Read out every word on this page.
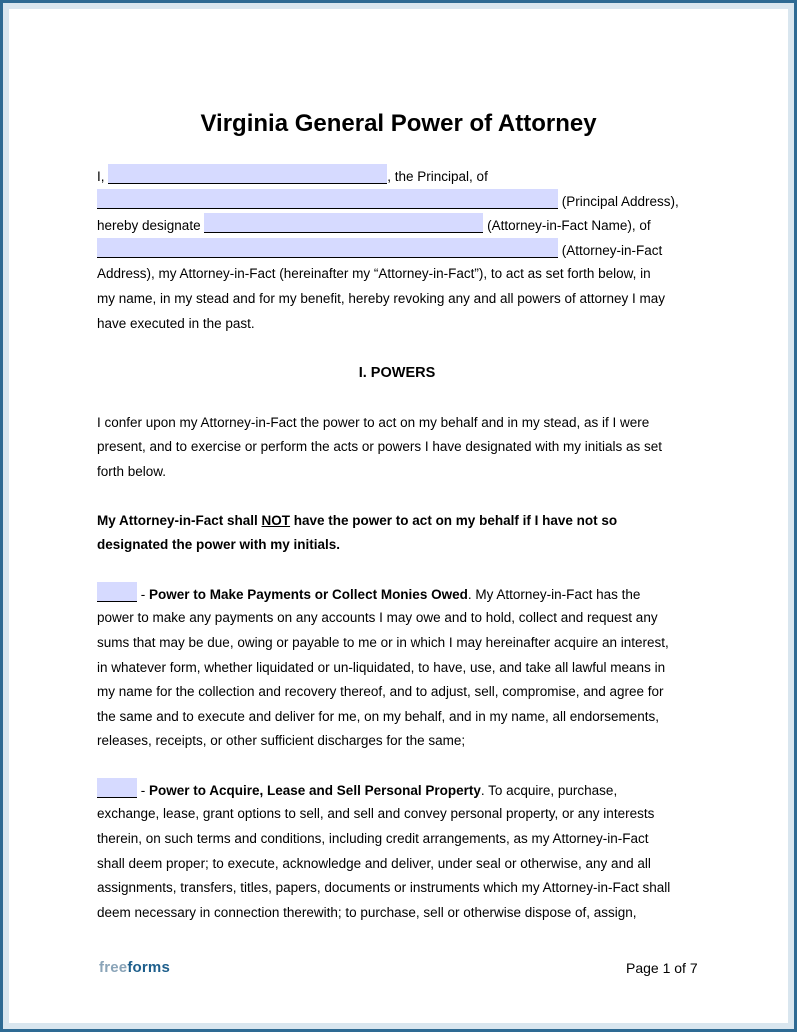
Virginia General Power of Attorney
I,	, the Principal, of
(Principal Address),
hereby designate	(Attorney-in-Fact Name), of
(Attorney-in-Fact
Address), my Attorney-in-Fact (hereinafter my “Attorney-in-Fact”), to act as set forth below, in
my name, in my stead and for my benefit, hereby revoking any and all powers of attorney I may
have executed in the past.
I. POWERS
I confer upon my Attorney-in-Fact the power to act on my behalf and in my stead, as if I were
present, and to exercise or perform the acts or powers I have designated with my initials as set
forth below.
My Attorney-in-Fact shall NOT have the power to act on my behalf if I have not so
designated the power with my initials.
- Power to Make Payments or Collect Monies Owed. My Attorney-in-Fact has the
power to make any payments on any accounts I may owe and to hold, collect and request any
sums that may be due, owing or payable to me or in which I may hereinafter acquire an interest,
in whatever form, whether liquidated or un-liquidated, to have, use, and take all lawful means in
my name for the collection and recovery thereof, and to adjust, sell, compromise, and agree for
the same and to execute and deliver for me, on my behalf, and in my name, all endorsements,
releases, receipts, or other sufficient discharges for the same;
- Power to Acquire, Lease and Sell Personal Property. To acquire, purchase,
exchange, lease, grant options to sell, and sell and convey personal property, or any interests
therein, on such terms and conditions, including credit arrangements, as my Attorney-in-Fact
shall deem proper; to execute, acknowledge and deliver, under seal or otherwise, any and all
assignments, transfers, titles, papers, documents or instruments which my Attorney-in-Fact shall
deem necessary in connection therewith; to purchase, sell or otherwise dispose of, assign,
freeforms	Page 1 of 7
